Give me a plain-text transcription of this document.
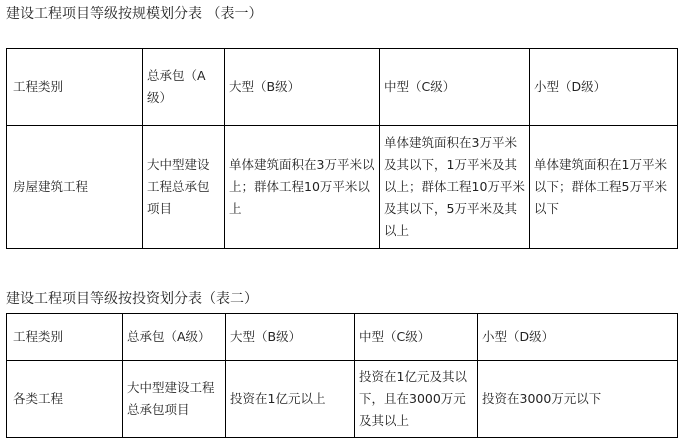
建设工程项目等级按规模划分表 （表一）
工程类别	总承包（A级）	大型（B级）	中型（C级）	小型（D级）
房屋建筑工程	大中型建设工程总承包项目	单体建筑面积在3万平米以上；群体工程10万平米以上	单体建筑面积在3万平米及其以下，1万平米及其以上；群体工程10万平米及其以下，5万平米及其以上	单体建筑面积在1万平米以下；群体工程5万平米以下
建设工程项目等级按投资划分表（表二）
工程类别	总承包（A级）	大型（B级）	中型（C级）	小型（D级）
各类工程	大中型建设工程总承包项目	投资在1亿元以上	投资在1亿元及其以下，且在3000万元及其以上	投资在3000万元以下
